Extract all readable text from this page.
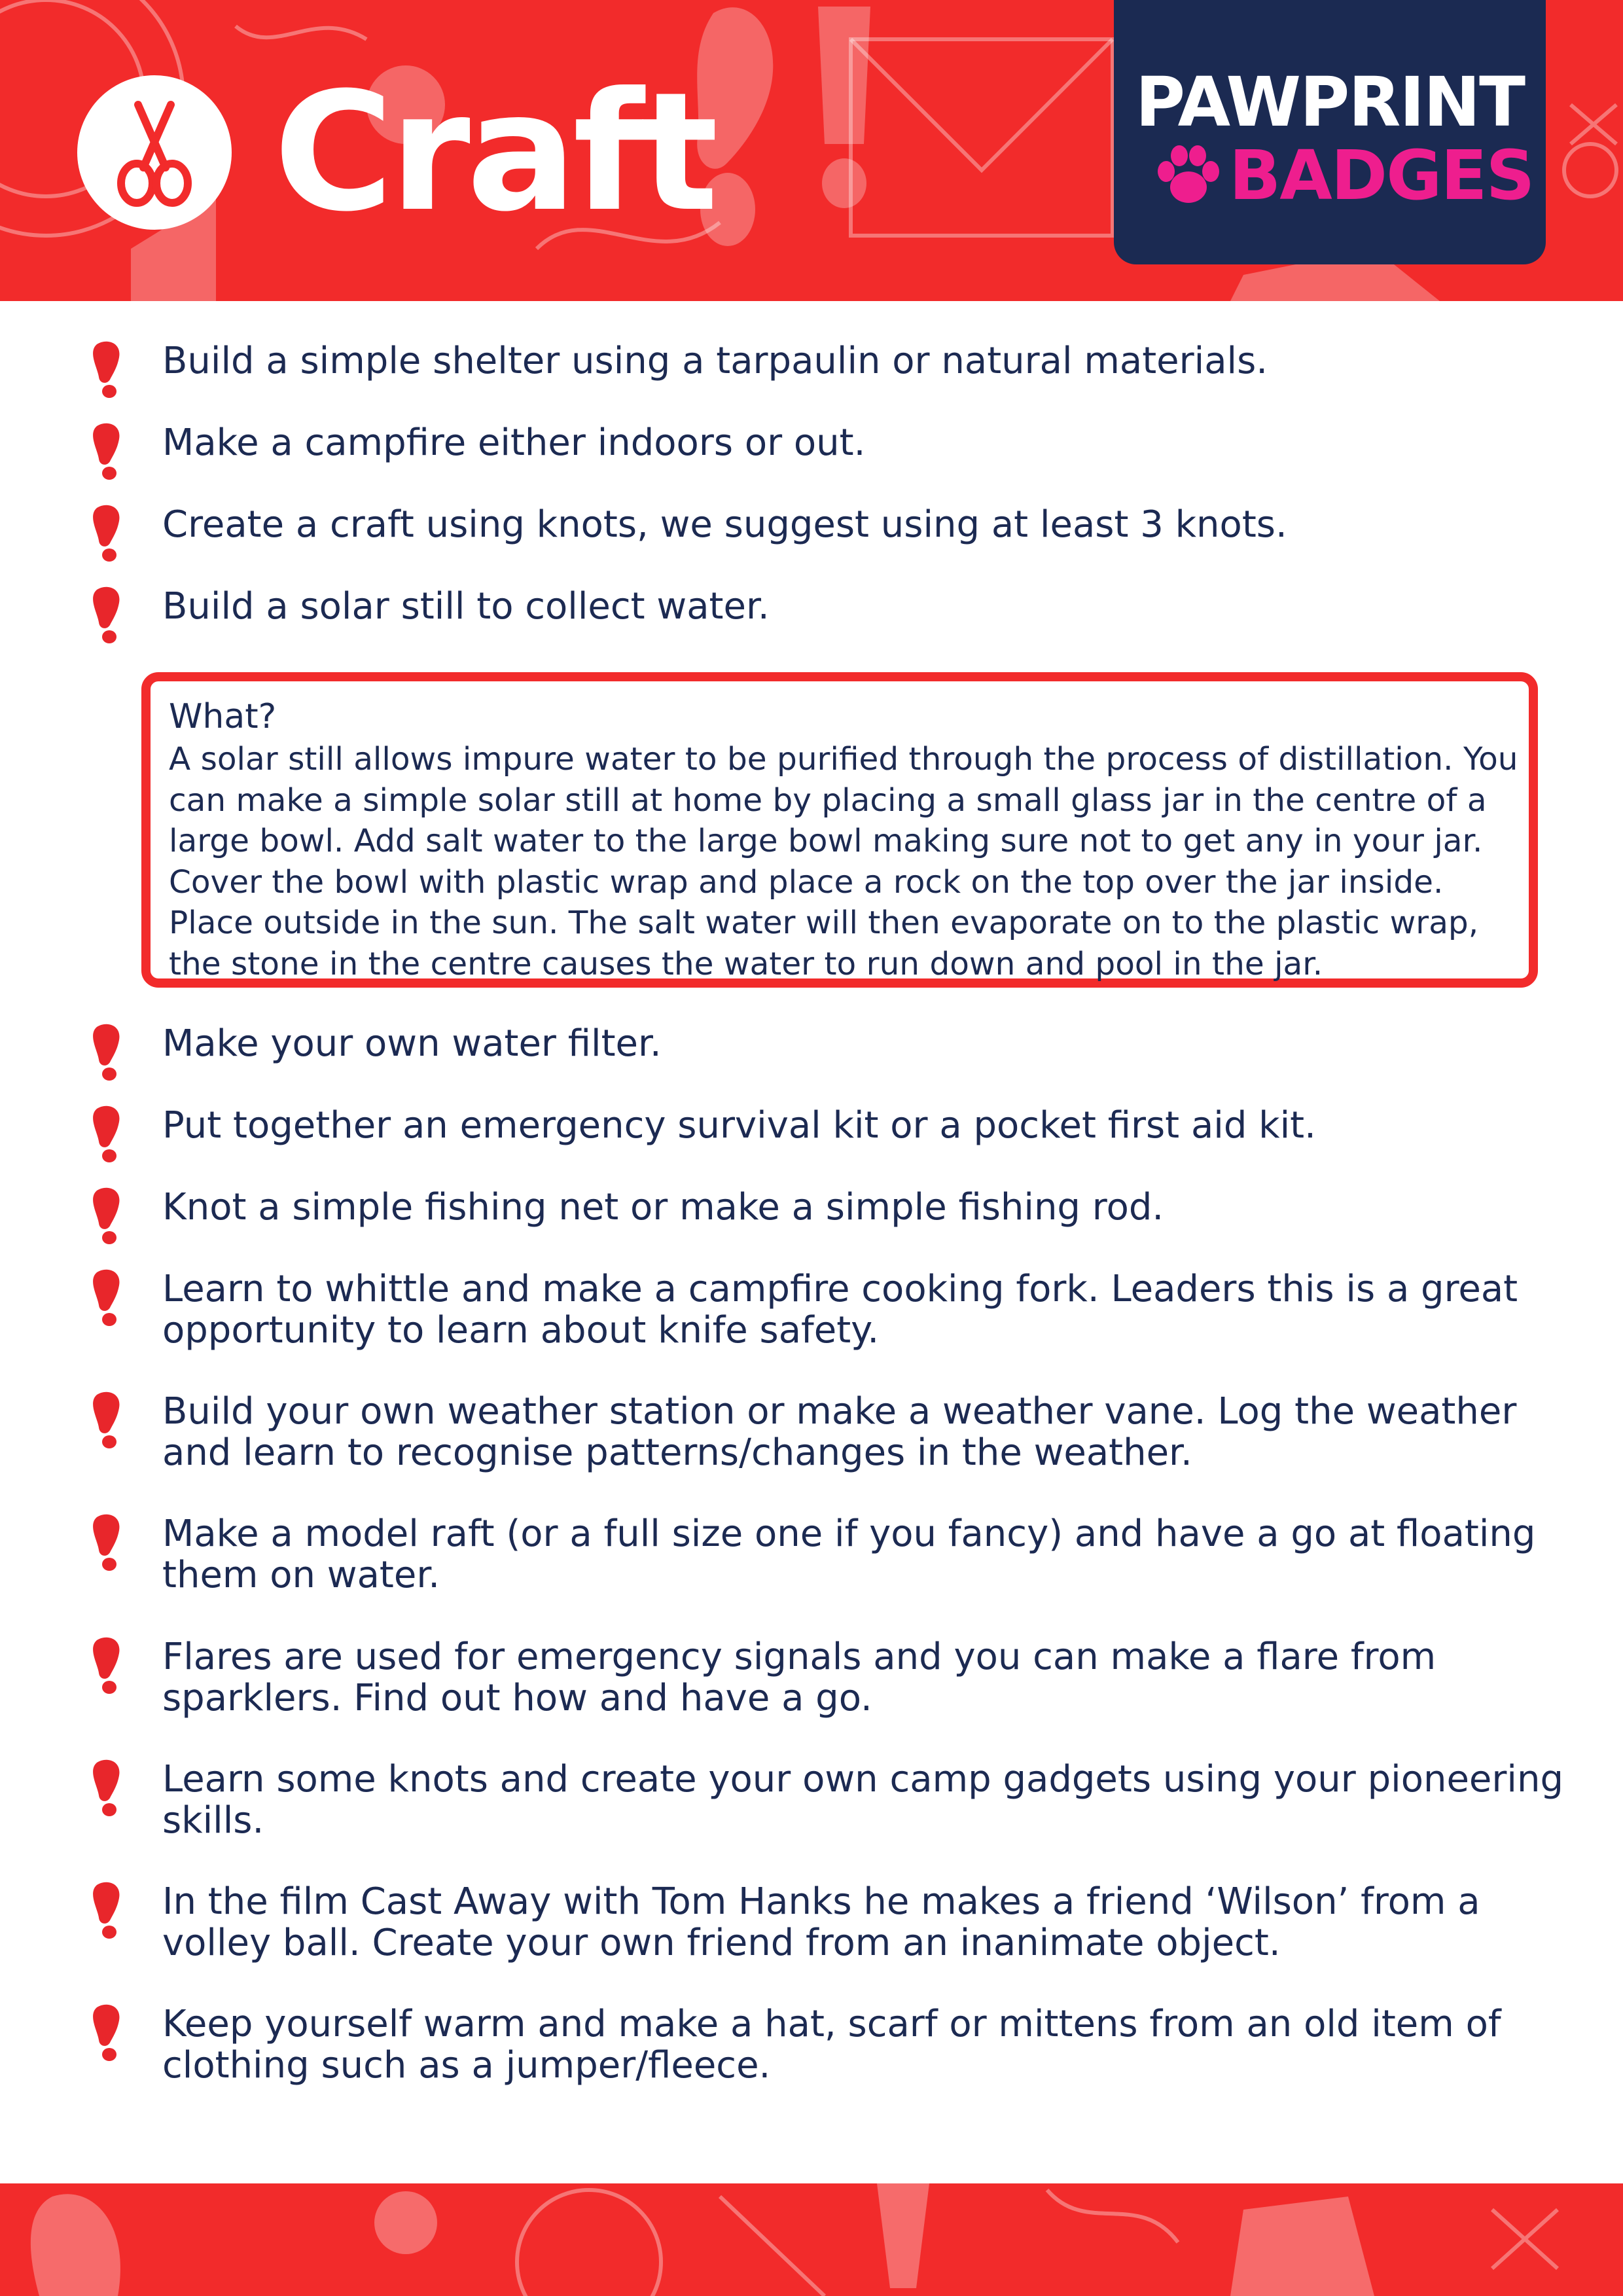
Craft	PAWPRINT
BADGES
Build a simple shelter using a tarpaulin or natural materials.
Make a campfire either indoors or out.
Create a craft using knots, we suggest using at least 3 knots.
Build a solar still to collect water.
Make your own water filter.
Put together an emergency survival kit or a pocket first aid kit.
Knot a simple fishing net or make a simple fishing rod.
Learn to whittle and make a campfire cooking fork. Leaders this is a great opportunity to learn about knife safety.
Build your own weather station or make a weather vane. Log the weather and learn to recognise patterns/changes in the weather.
Make a model raft (or a full size one if you fancy) and have a go at floating them on water.
Flares are used for emergency signals and you can make a flare from sparklers. Find out how and have a go.
Learn some knots and create your own camp gadgets using your pioneering skills.
In the film Cast Away with Tom Hanks he makes a friend ‘Wilson’ from a volley ball. Create your own friend from an inanimate object.
Keep yourself warm and make a hat, scarf or mittens from an old item of clothing such as a jumper/fleece.
What?
A solar still allows impure water to be purified through the process of distillation. You can make a simple solar still at home by placing a small glass jar in the centre of a large bowl. Add salt water to the large bowl making sure not to get any in your jar. Cover the bowl with plastic wrap and place a rock on the top over the jar inside. Place outside in the sun. The salt water will then evaporate on to the plastic wrap, the stone in the centre causes the water to run down and pool in the jar.
